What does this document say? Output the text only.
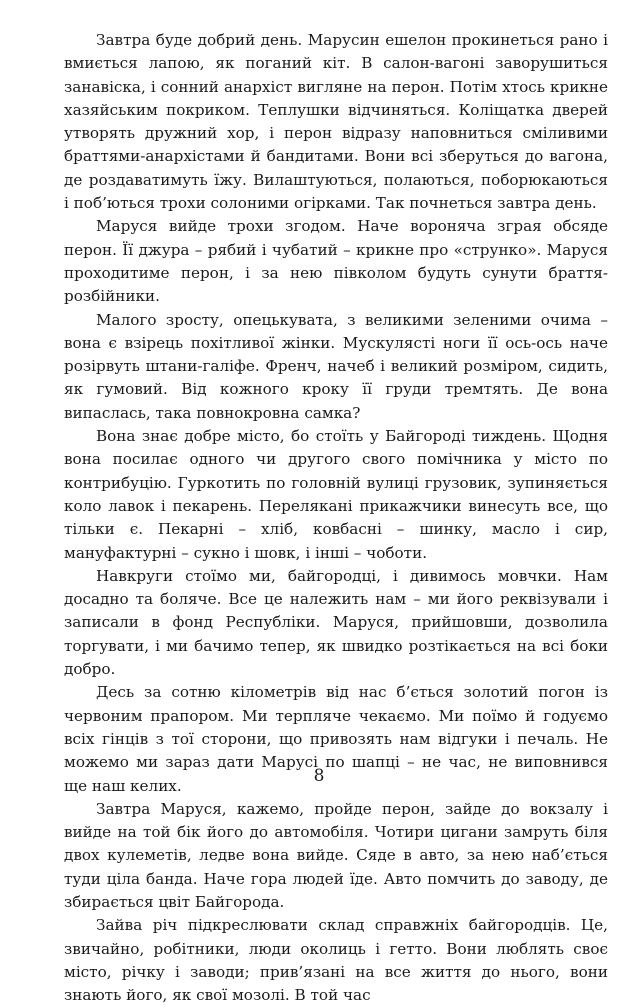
Завтра буде добрий день. Марусин ешелон прокинеться рано і вмиється лапою, як поганий кіт. В салон-вагоні заворушиться занавіска, і сонний анархіст вигляне на перон. Потім хтось крикне хазяйським покриком. Теплушки відчиняться. Коліщатка дверей утворять дружний хор, і перон відразу наповниться сміливими браттями-анархістами й бандитами. Вони всі зберуться до вагона, де роздаватимуть їжу. Вилаштуються, полаються, поборюкаються і поб’ються трохи солоними огірками. Так почнеться завтра день.

Маруся вийде трохи згодом. Наче вороняча зграя обсяде перон. Її джура – рябий і чубатий – крикне про «струнко». Маруся проходитиме перон, і за нею півколом будуть сунути браття-розбійники.

Малого зросту, опецькувата, з великими зеленими очима – вона є взірець похітливої жінки. Мускулясті ноги її ось-ось наче розірвуть штани-галіфе. Френч, начеб і великий розміром, сидить, як гумовий. Від кожного кроку її груди тремтять. Де вона випаслась, така повнокровна самка?

Вона знає добре місто, бо стоїть у Байгороді тиждень. Щодня вона посилає одного чи другого свого помічника у місто по контрибуцію. Гуркотить по головній вулиці грузовик, зупиняється коло лавок і пекарень. Переляканi прикажчики винесуть все, що тільки є. Пекарні – хліб, ковбасні – шинку, масло і сир, мануфактурні – сукно і шовк, і інші – чоботи.

Навкруги стоїмо ми, байгородці, і дивимось мовчки. Нам досадно та боляче. Все це належить нам – ми його реквізували і записали в фонд Республіки. Маруся, прийшовши, дозволила торгувати, і ми бачимо тепер, як швидко розтікається на всі боки добро.

Десь за сотню кілометрів від нас б’ється золотий погон із червоним прапором. Ми терпляче чекаємо. Ми поїмо й годуємо всіх гінців з тої сторони, що привозять нам відгуки і печаль. Не можемо ми зараз дати Марусі по шапці – не час, не виповнився ще наш келих.

Завтра Маруся, кажемо, пройде перон, зайде до вокзалу і вийде на той бік його до автомобіля. Чотири цигани замруть біля двох кулеметів, ледве вона вийде. Сяде в авто, за нею наб’ється туди ціла банда. Наче гора людей їде. Авто помчить до заводу, де збирається цвіт Байгорода.

Зайва річ підкреслювати склад справжніх байгородців. Це, звичайно, робітники, люди околиць і гетто. Вони люблять своє місто, річку і заводи; прив’язані на все життя до нього, вони знають його, як свої мозолі. В той час

8
